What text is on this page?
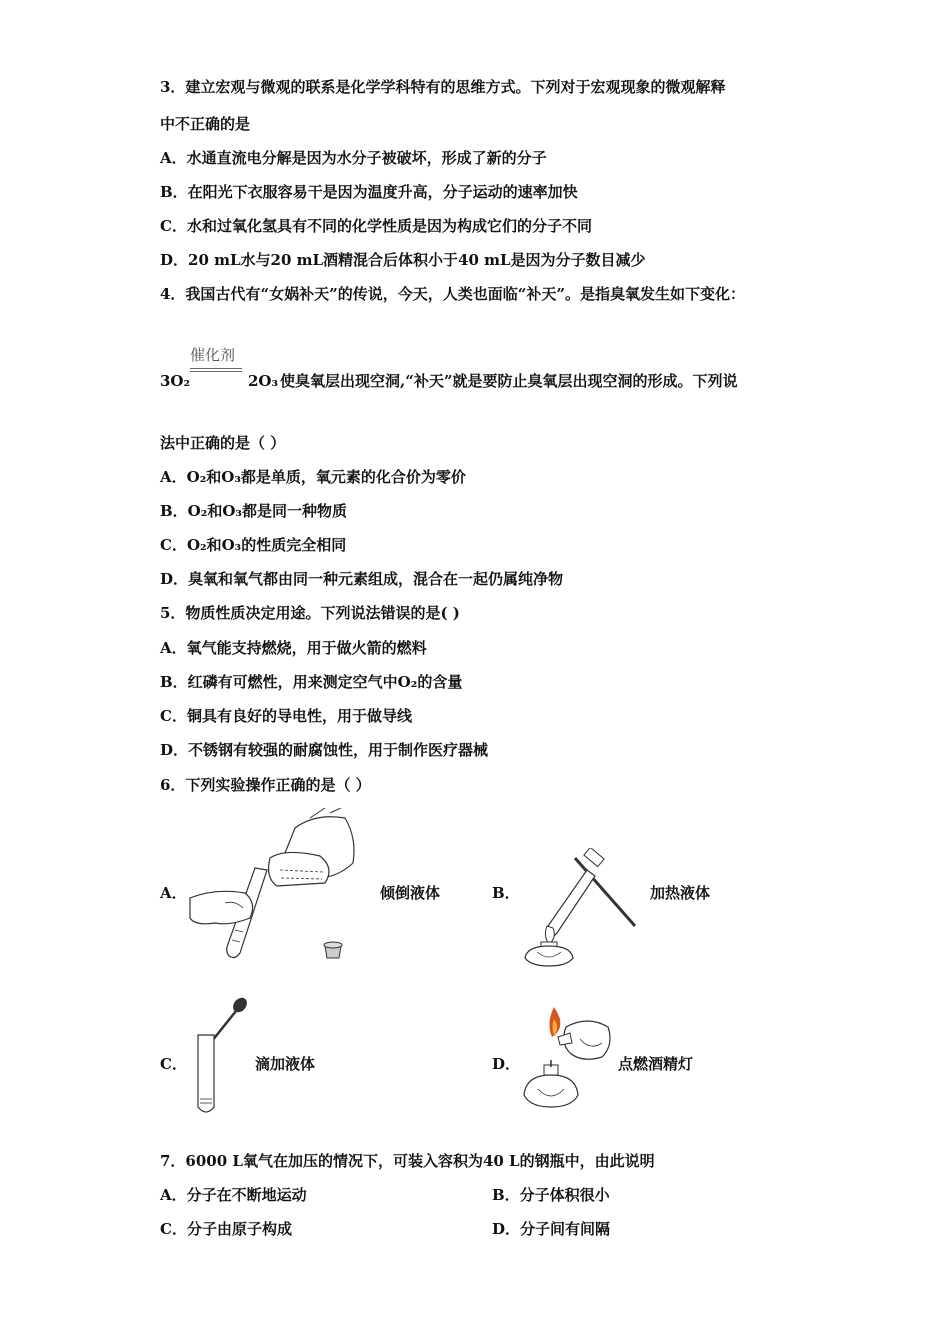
3．建立宏观与微观的联系是化学学科特有的思维方式。下列对于宏观现象的微观解释
中不正确的是
A．水通直流电分解是因为水分子被破坏，形成了新的分子
B．在阳光下衣服容易干是因为温度升高，分子运动的速率加快
C．水和过氧化氢具有不同的化学性质是因为构成它们的分子不同
D．20 mL水与20 mL酒精混合后体积小于40 mL是因为分子数目减少
4．我国古代有“女娲补天”的传说，今天，人类也面临“补天”。是指臭氧发生如下变化：
催化剂
3O₂	2O₃ 使臭氧层出现空洞,“补天”就是要防止臭氧层出现空洞的形成。下列说
法中正确的是（ ）
A．O₂和O₃都是单质，氧元素的化合价为零价
B．O₂和O₃都是同一种物质
C．O₂和O₃的性质完全相同
D．臭氧和氧气都由同一种元素组成，混合在一起仍属纯净物
5．物质性质决定用途。下列说法错误的是( )
A．氧气能支持燃烧，用于做火箭的燃料
B．红磷有可燃性，用来测定空气中O₂的含量
C．铜具有良好的导电性，用于做导线
D．不锈钢有较强的耐腐蚀性，用于制作医疗器械
6．下列实验操作正确的是（ ）
A．	倾倒液体	B．	加热液体
C．	滴加液体	D．	点燃酒精灯
7．6000 L氧气在加压的情况下，可装入容积为40 L的钢瓶中，由此说明
A．分子在不断地运动	B．分子体积很小
C．分子由原子构成	D．分子间有间隔
